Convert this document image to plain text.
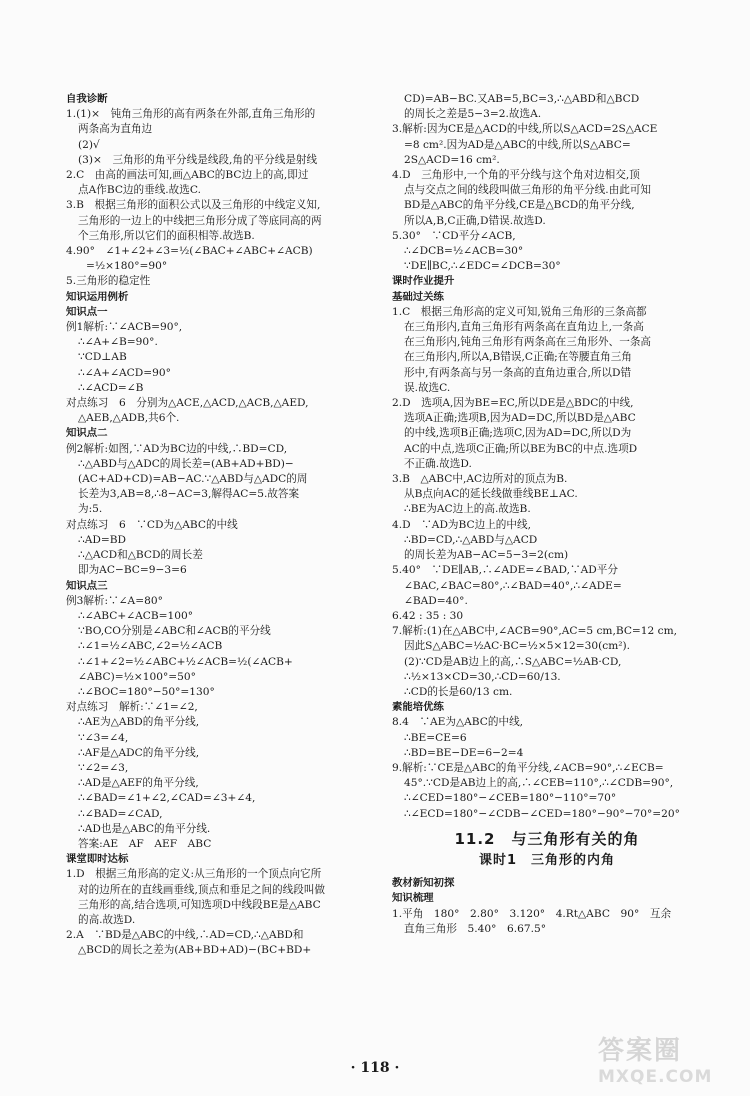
自我诊断
1.(1)×　钝角三角形的高有两条在外部,直角三角形的
两条高为直角边
(2)√
(3)×　三角形的角平分线是线段,角的平分线是射线
2.C　由高的画法可知,画△ABC的BC边上的高,即过
点A作BC边的垂线.故选C.
3.B　根据三角形的面积公式以及三角形的中线定义知,
三角形的一边上的中线把三角形分成了等底同高的两
个三角形,所以它们的面积相等.故选B.
4.90°　∠1+∠2+∠3=½(∠BAC+∠ABC+∠ACB)
=½×180°=90°
5.三角形的稳定性
知识运用例析
知识点一
例1解析:∵∠ACB=90°,
∴∠A+∠B=90°.
∵CD⊥AB
∴∠A+∠ACD=90°
∴∠ACD=∠B
对点练习　6　分别为△ACE,△ACD,△ACB,△AED,
△AEB,△ADB,共6个.
知识点二
例2解析:如图,∵AD为BC边的中线,∴BD=CD,
∴△ABD与△ADC的周长差=(AB+AD+BD)−
(AC+AD+CD)=AB−AC.∵△ABD与△ADC的周
长差为3,AB=8,∴8−AC=3,解得AC=5.故答案
为:5.
对点练习　6　∵CD为△ABC的中线
∴AD=BD
∴△ACD和△BCD的周长差
即为AC−BC=9−3=6
知识点三
例3解析:∵∠A=80°
∴∠ABC+∠ACB=100°
∵BO,CO分别是∠ABC和∠ACB的平分线
∴∠1=½∠ABC,∠2=½∠ACB
∴∠1+∠2=½∠ABC+½∠ACB=½(∠ACB+
∠ABC)=½×100°=50°
∴∠BOC=180°−50°=130°
对点练习　解析:∵∠1=∠2,
∴AE为△ABD的角平分线,
∵∠3=∠4,
∴AF是△ADC的角平分线,
∵∠2=∠3,
∴AD是△AEF的角平分线,
∴∠BAD=∠1+∠2,∠CAD=∠3+∠4,
∴∠BAD=∠CAD,
∴AD也是△ABC的角平分线.
答案:AE　AF　AEF　ABC
课堂即时达标
1.D　根据三角形高的定义:从三角形的一个顶点向它所
对的边所在的直线画垂线,顶点和垂足之间的线段叫做
三角形的高,结合选项,可知选项D中线段BE是△ABC
的高.故选D.
2.A　∵BD是△ABC的中线,∴AD=CD,∴△ABD和
△BCD的周长之差为(AB+BD+AD)−(BC+BD+
CD)=AB−BC.又AB=5,BC=3,∴△ABD和△BCD
的周长之差是5−3=2.故选A.
3.解析:因为CE是△ACD的中线,所以S△ACD=2S△ACE
=8 cm².因为AD是△ABC的中线,所以S△ABC=
2S△ACD=16 cm².
4.D　三角形中,一个角的平分线与这个角对边相交,顶
点与交点之间的线段叫做三角形的角平分线.由此可知
BD是△ABC的角平分线,CE是△BCD的角平分线,
所以A,B,C正确,D错误.故选D.
5.30°　∵CD平分∠ACB,
∴∠DCB=½∠ACB=30°
∵DE∥BC,∴∠EDC=∠DCB=30°
课时作业提升
基础过关练
1.C　根据三角形高的定义可知,锐角三角形的三条高都
在三角形内,直角三角形有两条高在直角边上,一条高
在三角形内,钝角三角形有两条高在三角形外、一条高
在三角形内,所以A,B错误,C正确;在等腰直角三角
形中,有两条高与另一条高的直角边重合,所以D错
误.故选C.
2.D　选项A,因为BE=EC,所以DE是△BDC的中线,
选项A正确;选项B,因为AD=DC,所以BD是△ABC
的中线,选项B正确;选项C,因为AD=DC,所以D为
AC的中点,选项C正确;所以BE为BC的中点.选项D
不正确.故选D.
3.B　△ABC中,AC边所对的顶点为B.
从B点向AC的延长线做垂线BE⊥AC.
∴BE为AC边上的高.故选B.
4.D　∵AD为BC边上的中线,
∴BD=CD,∴△ABD与△ACD
的周长差为AB−AC=5−3=2(cm)
5.40°　∵DE∥AB,∴∠ADE=∠BAD,∵AD平分
∠BAC,∠BAC=80°,∴∠BAD=40°,∴∠ADE=
∠BAD=40°.
6.42 : 35 : 30
7.解析:(1)在△ABC中,∠ACB=90°,AC=5 cm,BC=12 cm,
因此S△ABC=½AC·BC=½×5×12=30(cm²).
(2)∵CD是AB边上的高,∴S△ABC=½AB·CD,
∴½×13×CD=30,∴CD=60/13.
∴CD的长是60/13 cm.
素能培优练
8.4　∵AE为△ABC的中线,
∴BE=CE=6
∴BD=BE−DE=6−2=4
9.解析:∵CE是△ABC的角平分线,∠ACB=90°,∴∠ECB=
45°.∵CD是AB边上的高,∴∠CEB=110°,∴∠CDB=90°,
∴∠CED=180°−∠CEB=180°−110°=70°
∴∠ECD=180°−∠CDB−∠CED=180°−90°−70°=20°
11.2　与三角形有关的角
课时1　三角形的内角
教材新知初探
知识梳理
1.平角　180°　2.80°　3.120°　4.Rt△ABC　90°　互余
直角三角形　5.40°　6.67.5°
· 118 ·
答案圈
MXQE.COM
